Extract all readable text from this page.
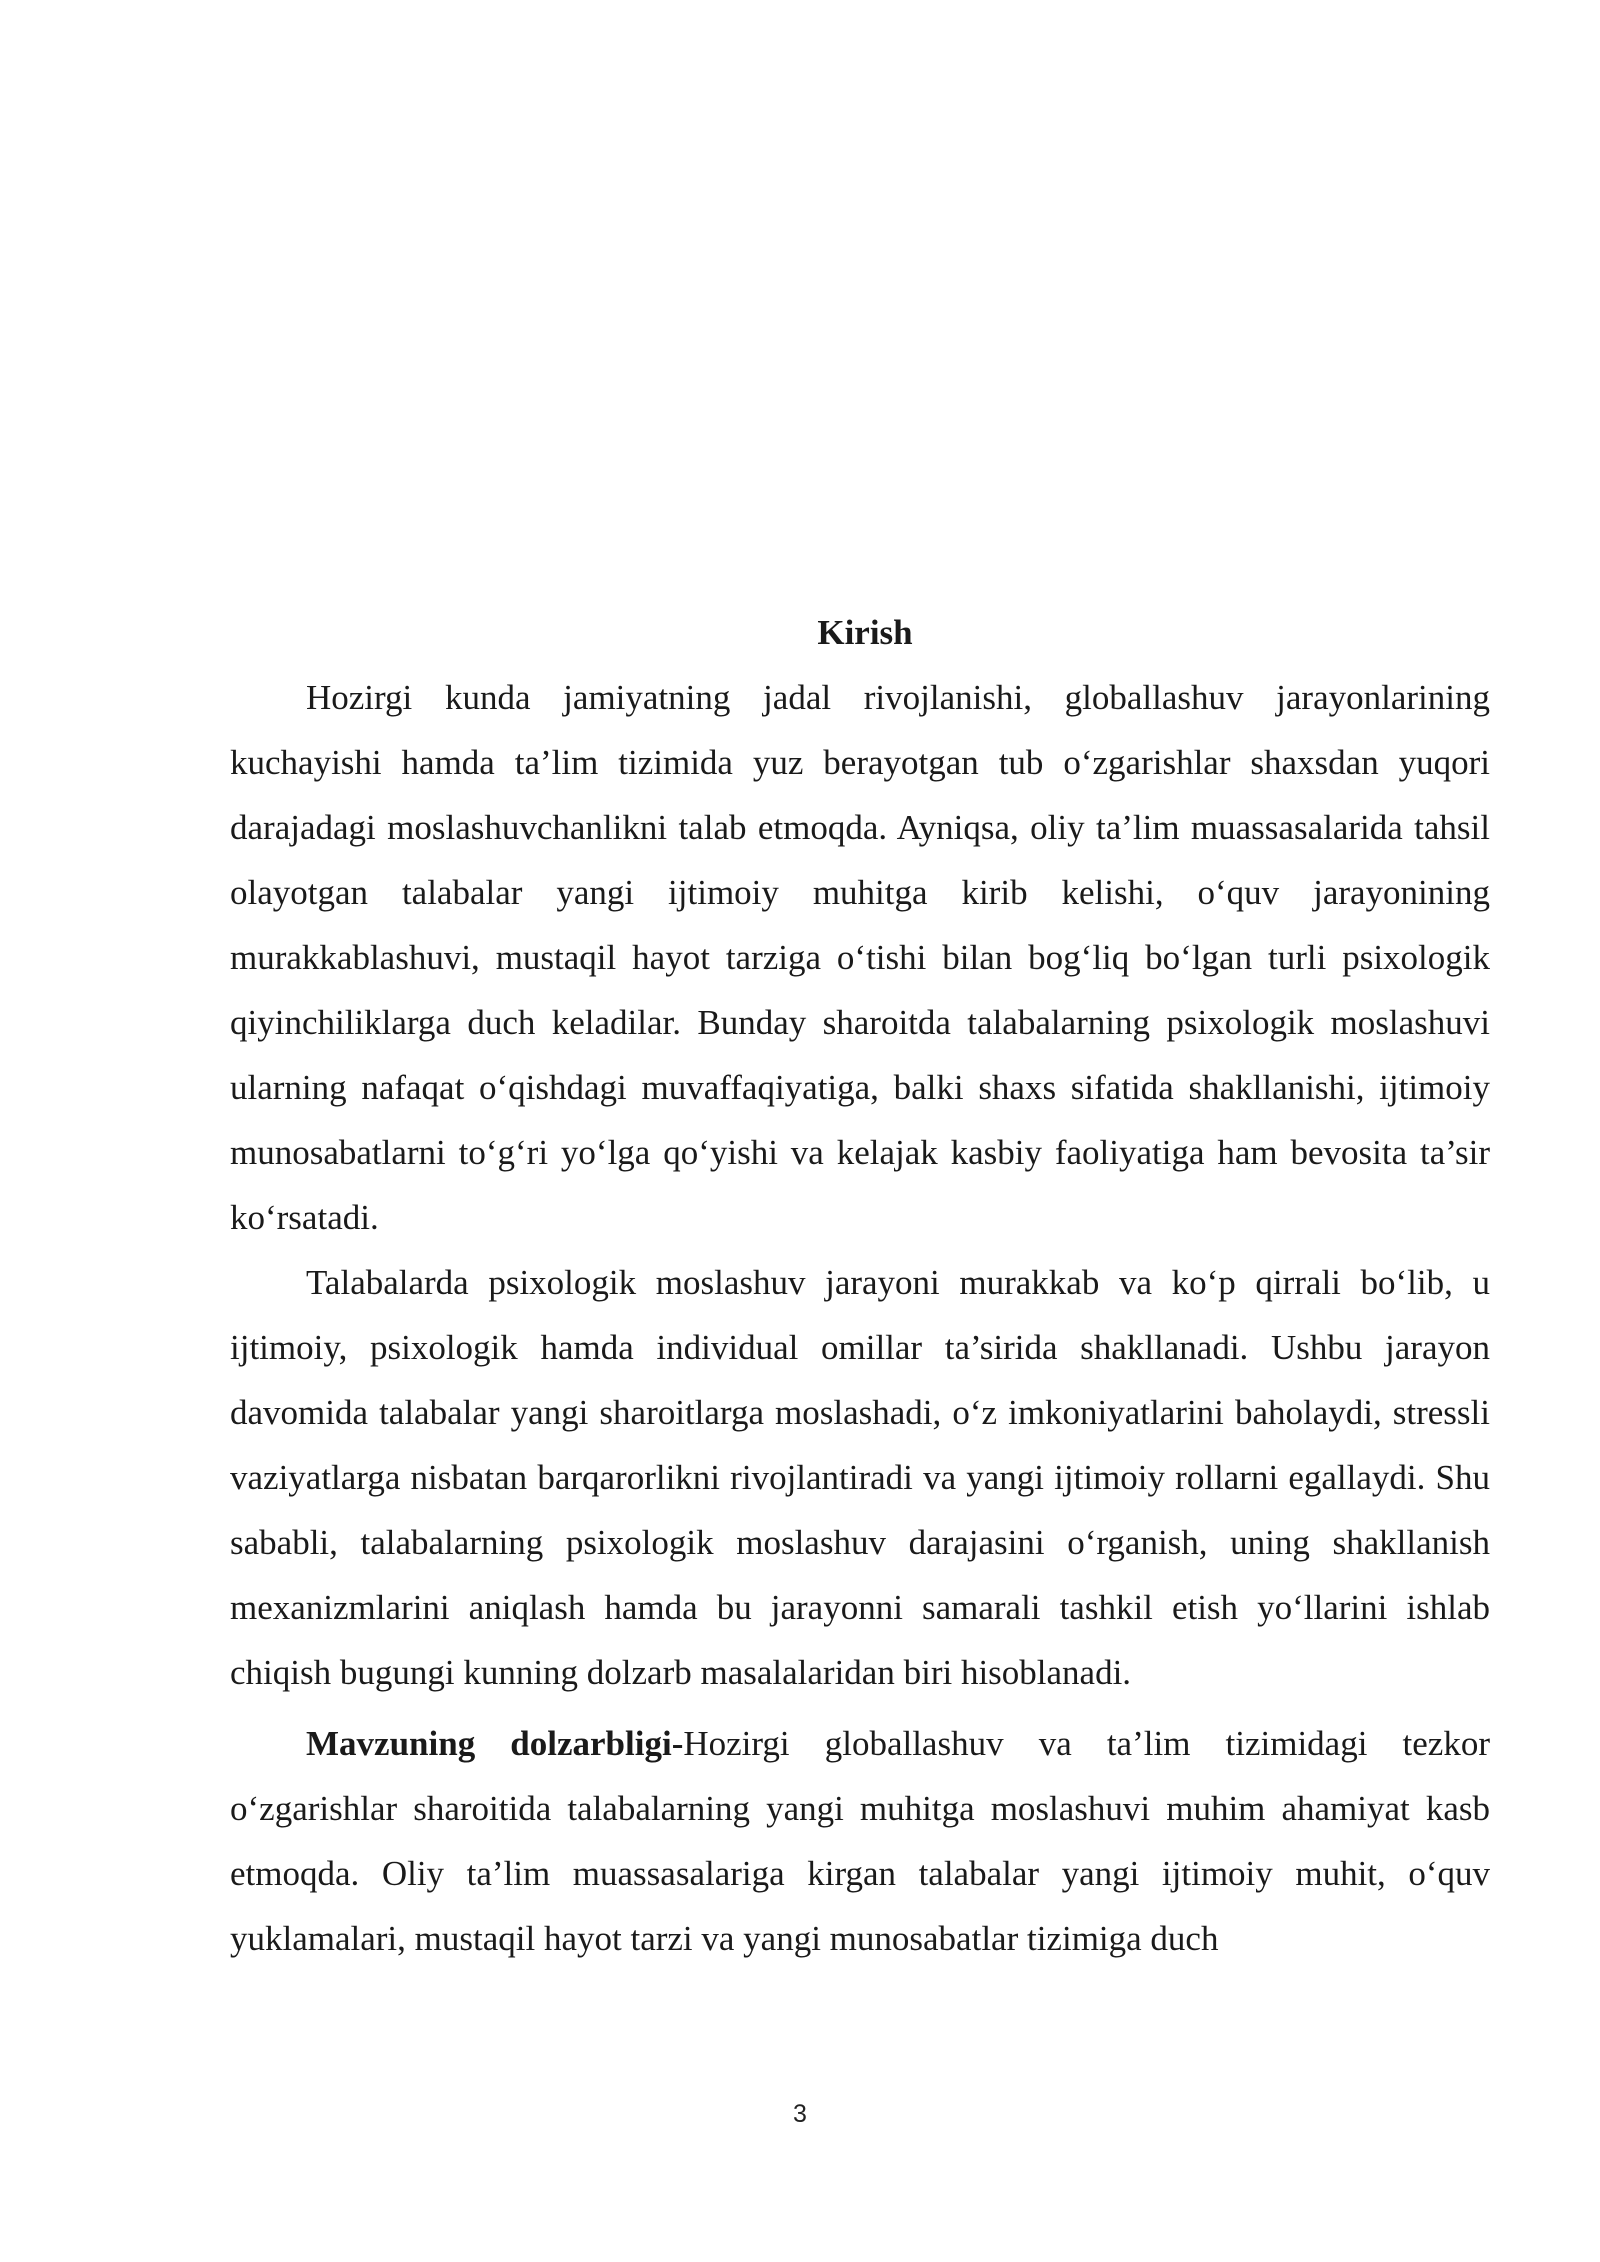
Kirish

Hozirgi kunda jamiyatning jadal rivojlanishi, globallashuv jarayonlarining kuchayishi hamda ta’lim tizimida yuz berayotgan tub o‘zgarishlar shaxsdan yuqori darajadagi moslashuvchanlikni talab etmoqda. Ayniqsa, oliy ta’lim muassasalarida tahsil olayotgan talabalar yangi ijtimoiy muhitga kirib kelishi, o‘quv jarayonining murakkablashuvi, mustaqil hayot tarziga o‘tishi bilan bog‘liq bo‘lgan turli psixologik qiyinchiliklarga duch keladilar. Bunday sharoitda talabalarning psixologik moslashuvi ularning nafaqat o‘qishdagi muvaffaqiyatiga, balki shaxs sifatida shakllanishi, ijtimoiy munosabatlarni to‘g‘ri yo‘lga qo‘yishi va kelajak kasbiy faoliyatiga ham bevosita ta’sir ko‘rsatadi.

Talabalarda psixologik moslashuv jarayoni murakkab va ko‘p qirrali bo‘lib, u ijtimoiy, psixologik hamda individual omillar ta’sirida shakllanadi. Ushbu jarayon davomida talabalar yangi sharoitlarga moslashadi, o‘z imkoniyatlarini baholaydi, stressli vaziyatlarga nisbatan barqarorlikni rivojlantiradi va yangi ijtimoiy rollarni egallaydi. Shu sababli, talabalarning psixologik moslashuv darajasini o‘rganish, uning shakllanish mexanizmlarini aniqlash hamda bu jarayonni samarali tashkil etish yo‘llarini ishlab chiqish bugungi kunning dolzarb masalalaridan biri hisoblanadi.

Mavzuning dolzarbligi-Hozirgi globallashuv va ta’lim tizimidagi tezkor o‘zgarishlar sharoitida talabalarning yangi muhitga moslashuvi muhim ahamiyat kasb etmoqda. Oliy ta’lim muassasalariga kirgan talabalar yangi ijtimoiy muhit, o‘quv yuklamalari, mustaqil hayot tarzi va yangi munosabatlar tizimiga duch

3
